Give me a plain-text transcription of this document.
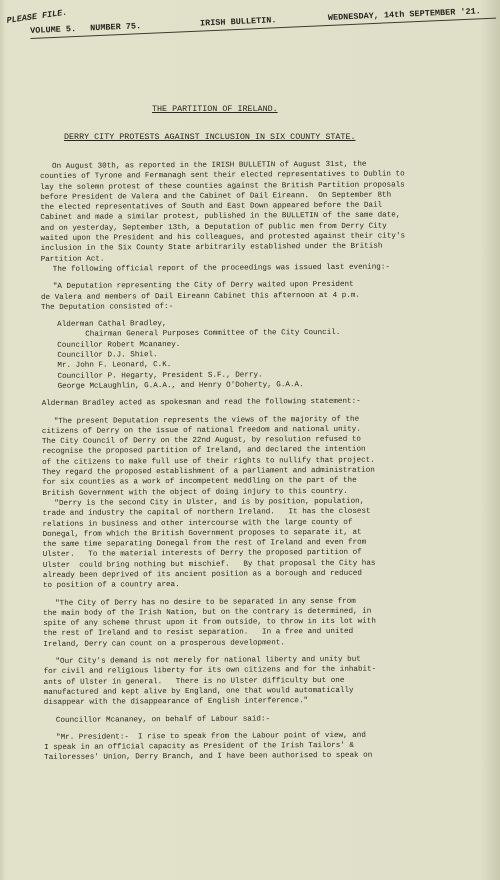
PLEASE FILE.
VOLUME 5. NUMBER 75.	IRISH BULLETIN.	WEDNESDAY, 14th SEPTEMBER '21.
THE PARTITION OF IRELAND.
DERRY CITY PROTESTS AGAINST INCLUSION IN SIX COUNTY STATE.

On August 30th, as reported in the IRISH BULLETIN of August 31st, the

counties of Tyrone and Fermanagh sent their elected representatives to Dublin to

lay the solemn protest of these counties against the British Partition proposals

before President de Valera and the Cabinet of Dail Eireann.  On September 8th

the elected representatives of South and East Down appeared before the Dail

Cabinet and made a similar protest, published in the BULLETIN of the same date,

and on yesterday, September 13th, a Deputation of public men from Derry City

waited upon the President and his colleagues, and protested against their city's

inclusion in the Six County State arbitrarily established under the British

Partition Act.

The following official report of the proceedings was issued last evening:-

"A Deputation representing the City of Derry waited upon President

de Valera and members of Dail Eireann Cabinet this afternoon at 4 p.m.

The Deputation consisted of:-

Alderman Cathal Bradley,

Chairman General Purposes Committee of the City Council.

Councillor Robert Mcananey.

Councillor D.J. Shiel.

Mr. John F. Leonard, C.K.

Councillor P. Hegarty, President S.F., Derry.

George McLaughlin, G.A.A., and Henry O'Doherty, G.A.A.

Alderman Bradley acted as spokesman and read the following statement:-

"The present Deputation represents the views of the majority of the

citizens of Derry on the issue of national freedom and national unity.

The City Council of Derry on the 22nd August, by resolution refused to

recognise the proposed partition of Ireland, and declared the intention

of the citizens to make full use of their rights to nullify that project.

They regard the proposed establishment of a parliament and administration

for six counties as a work of incompetent meddling on the part of the

British Government with the object of doing injury to this country.

"Derry is the second City in Ulster, and is by position, population,

trade and industry the capital of northern Ireland.   It has the closest

relations in business and other intercourse with the large county of

Donegal, from which the British Government proposes to separate it, at

the same time separating Donegal from the rest of Ireland and even from

Ulster.   To the material interests of Derry the proposed partition of

Ulster  could bring nothing but mischief.   By that proposal the City has

already been deprived of its ancient position as a borough and reduced

to position of a country area.

"The City of Derry has no desire to be separated in any sense from

the main body of the Irish Nation, but on the contrary is determined, in

spite of any scheme thrust upon it from outside, to throw in its lot with

the rest of Ireland and to resist separation.   In a free and united

Ireland, Derry can count on a prosperous development.

"Our City's demand is not merely for national liberty and unity but

for civil and religious liberty for its own citizens and for the inhabit-

ants of Ulster in general.   There is no Ulster difficulty but one

manufactured and kept alive by England, one that would automatically

disappear with the disappearance of English interference."

Councillor Mcananey, on behalf of Labour said:-

"Mr. President:-  I rise to speak from the Labour point of view, and

I speak in an official capacity as President of the Irish Tailors' &

Tailoresses' Union, Derry Branch, and I have been authorised to speak on
